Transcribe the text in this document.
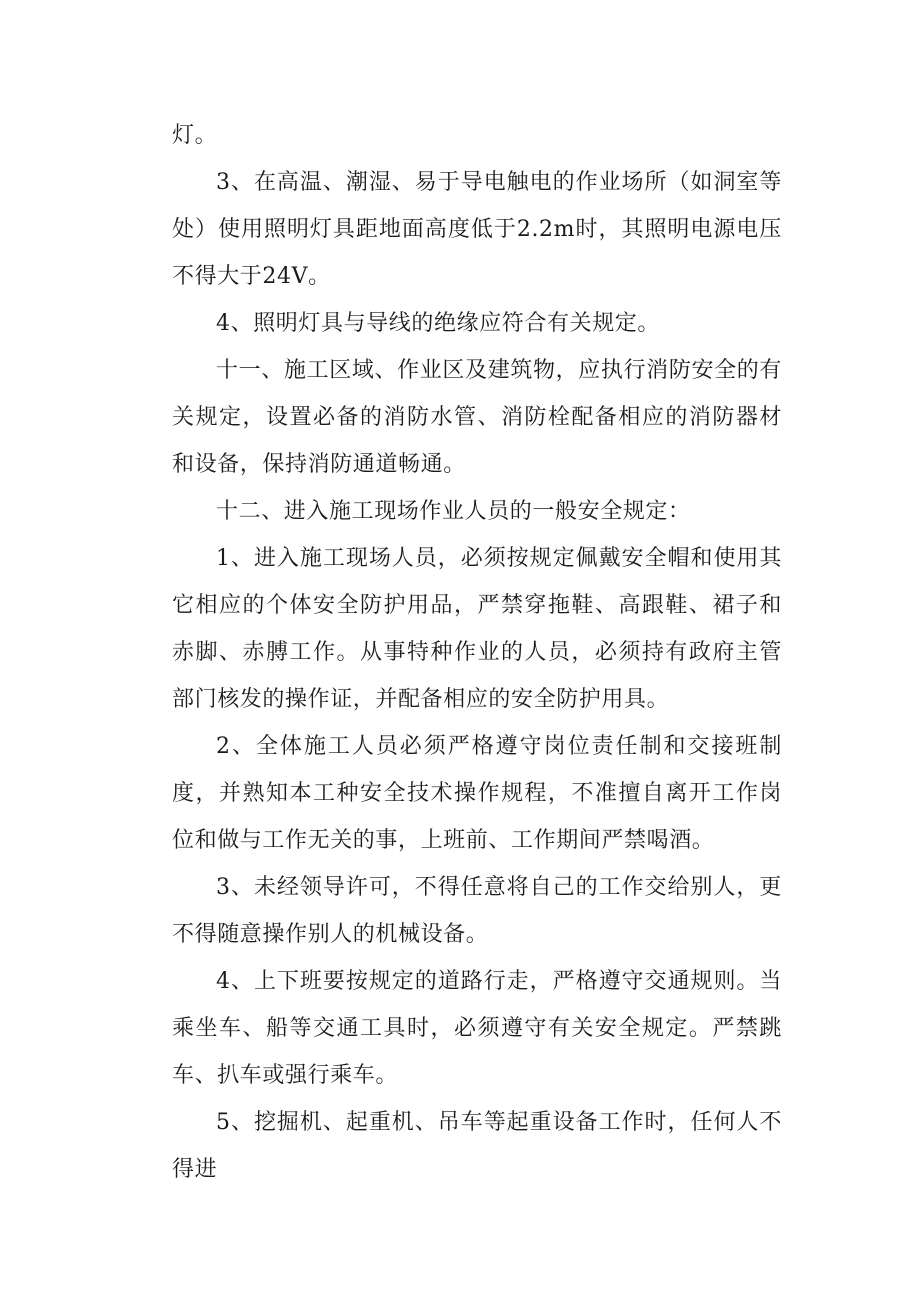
灯。

3、在高温、潮湿、易于导电触电的作业场所（如洞室等处）使用照明灯具距地面高度低于2.2m时，其照明电源电压不得大于24V。

4、照明灯具与导线的绝缘应符合有关规定。

十一、施工区域、作业区及建筑物，应执行消防安全的有关规定，设置必备的消防水管、消防栓配备相应的消防器材和设备，保持消防通道畅通。

十二、进入施工现场作业人员的一般安全规定：

1、进入施工现场人员，必须按规定佩戴安全帽和使用其它相应的个体安全防护用品，严禁穿拖鞋、高跟鞋、裙子和赤脚、赤膊工作。从事特种作业的人员，必须持有政府主管部门核发的操作证，并配备相应的安全防护用具。

2、全体施工人员必须严格遵守岗位责任制和交接班制度，并熟知本工种安全技术操作规程，不准擅自离开工作岗位和做与工作无关的事，上班前、工作期间严禁喝酒。

3、未经领导许可，不得任意将自己的工作交给别人，更不得随意操作别人的机械设备。

4、上下班要按规定的道路行走，严格遵守交通规则。当乘坐车、船等交通工具时，必须遵守有关安全规定。严禁跳车、扒车或强行乘车。

5、挖掘机、起重机、吊车等起重设备工作时，任何人不得进
